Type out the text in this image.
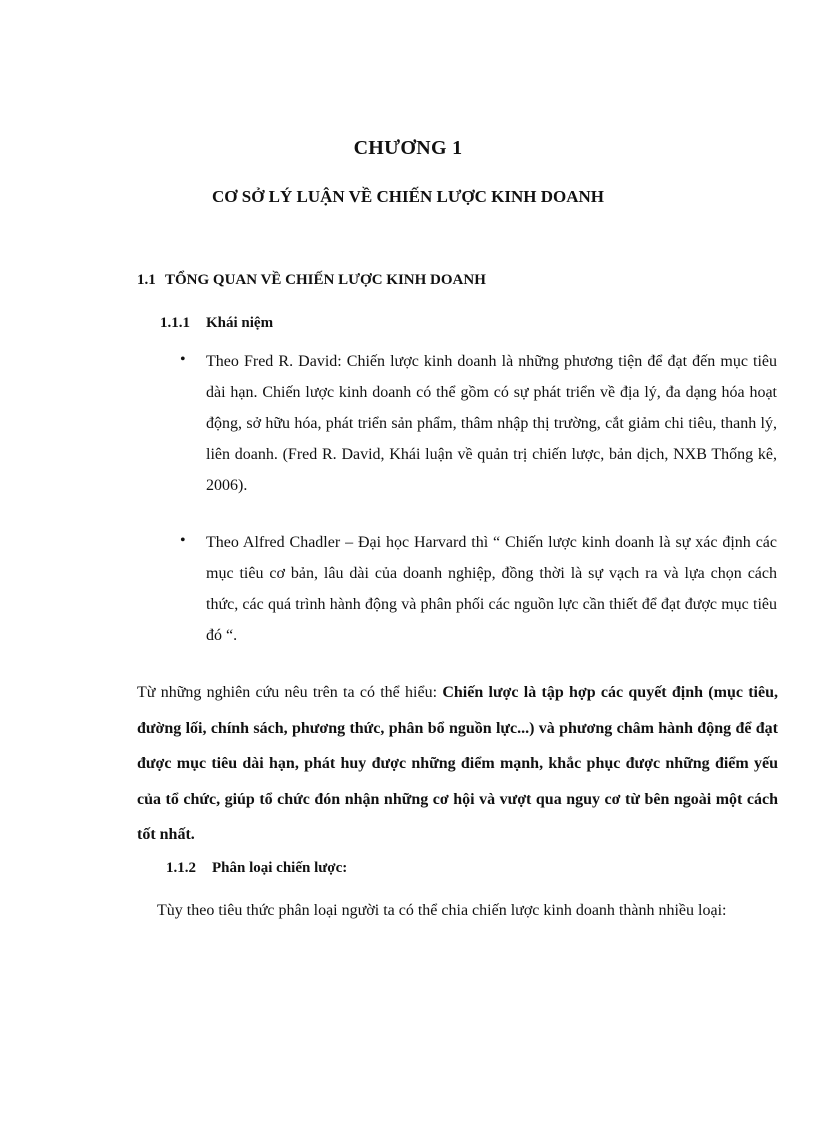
CHƯƠNG 1
CƠ SỞ LÝ LUẬN VỀ CHIẾN LƯỢC KINH DOANH
1.1 TỔNG QUAN VỀ CHIẾN LƯỢC KINH DOANH
1.1.1 Khái niệm
• Theo Fred R. David: Chiến lược kinh doanh là những phương tiện để đạt đến mục tiêu dài hạn. Chiến lược kinh doanh có thể gồm có sự phát triển về địa lý, đa dạng hóa hoạt động, sở hữu hóa, phát triển sản phẩm, thâm nhập thị trường, cắt giảm chi tiêu, thanh lý, liên doanh. (Fred R. David, Khái luận về quản trị chiến lược, bản dịch, NXB Thống kê, 2006).
• Theo Alfred Chadler – Đại học Harvard thì “ Chiến lược kinh doanh là sự xác định các mục tiêu cơ bản, lâu dài của doanh nghiệp, đồng thời là sự vạch ra và lựa chọn cách thức, các quá trình hành động và phân phối các nguồn lực cần thiết để đạt được mục tiêu đó “.
Từ những nghiên cứu nêu trên ta có thể hiểu: Chiến lược là tập hợp các quyết định (mục tiêu, đường lối, chính sách, phương thức, phân bổ nguồn lực...) và phương châm hành động để đạt được mục tiêu dài hạn, phát huy được những điểm mạnh, khắc phục được những điểm yếu của tổ chức, giúp tổ chức đón nhận những cơ hội và vượt qua nguy cơ từ bên ngoài một cách tốt nhất.
1.1.2 Phân loại chiến lược:
Tùy theo tiêu thức phân loại người ta có thể chia chiến lược kinh doanh thành nhiều loại:
